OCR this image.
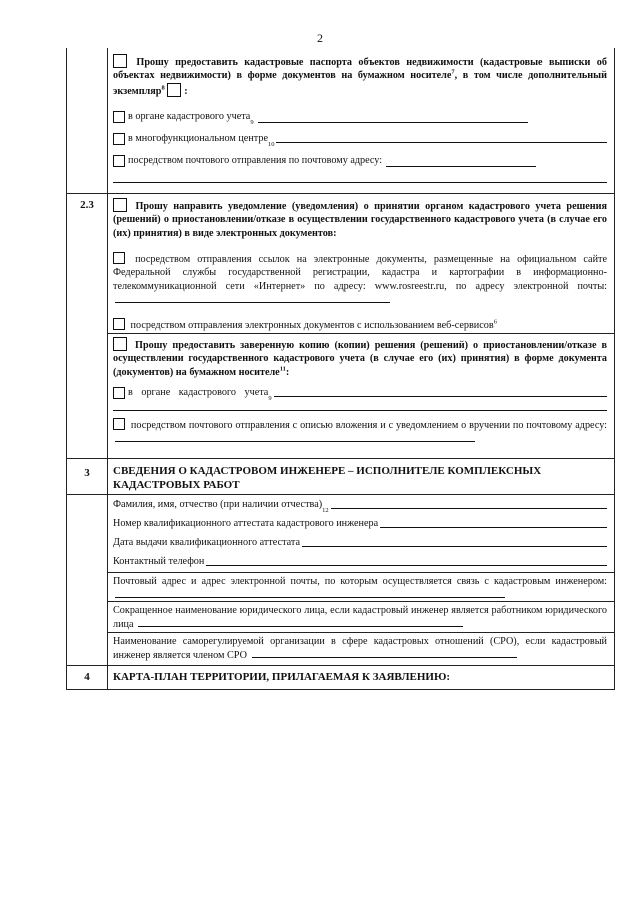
2
Прошу предоставить кадастровые паспорта объектов недвижимости (кадастровые выписки об объектах недвижимости) в форме документов на бумажном носителе$^7$, в том числе дополнительный экземпляр$^8$ :
в органе кадастрового учета
9
в многофункциональном центре
10
посредством почтового отправления по почтовому адресу:
2.3	Прошу направить уведомление (уведомления) о принятии органом кадастрового учета решения (решений) о приостановлении/отказе в осуществлении государственного кадастрового учета (в случае его (их) принятия) в виде электронных документов:
посредством отправления ссылок на электронные документы, размещенные на официальном сайте Федеральной службы государственной регистрации, кадастра и картографии в информационно-телекоммуникационной сети «Интернет» по адресу: www.rosreestr.ru, по адресу электронной почты:
посредством отправления электронных документов с использованием веб-сервисов$^6$
Прошу предоставить заверенную копию (копии) решения (решений) о приостановлении/отказе в осуществлении государственного кадастрового учета (в случае его (их) принятия) в форме документа (документов) на бумажном носителе$^{11}$:
в органе кадастрового учета
9
посредством почтового отправления с описью вложения и с уведомлением о вручении по почтовому адресу:
3	СВЕДЕНИЯ О КАДАСТРОВОМ ИНЖЕНЕРЕ – ИСПОЛНИТЕЛЕ КОМПЛЕКСНЫХ КАДАСТРОВЫХ РАБОТ
Фамилия, имя, отчество (при наличии отчества)
12
Номер квалификационного аттестата кадастрового инженера
Дата выдачи квалификационного аттестата
Контактный телефон
Почтовый адрес и адрес электронной почты, по которым осуществляется связь с кадастровым инженером:
Сокращенное наименование юридического лица, если кадастровый инженер является работником юридического лица
Наименование саморегулируемой организации в сфере кадастровых отношений (СРО), если кадастровый инженер является членом СРО
4	КАРТА-ПЛАН ТЕРРИТОРИИ, ПРИЛАГАЕМАЯ К ЗАЯВЛЕНИЮ:
